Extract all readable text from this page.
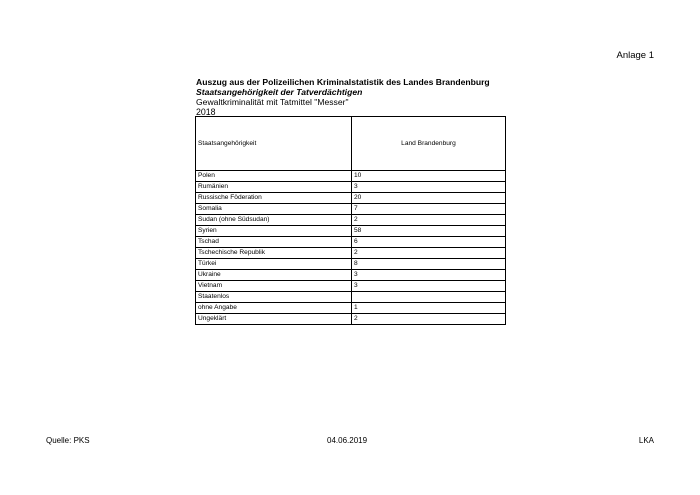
Anlage 1
Auszug aus der Polizeilichen Kriminalstatistik des Landes Brandenburg
Staatsangehörigkeit der Tatverdächtigen
Gewaltkriminalität mit Tatmittel "Messer"
2018
Staatsangehörigkeit	Land Brandenburg
Polen	10
Rumänien	3
Russische Föderation	20
Somalia	7
Sudan (ohne Südsudan)	2
Syrien	58
Tschad	6
Tschechische Republik	2
Türkei	8
Ukraine	3
Vietnam	3
Staatenlos	
ohne Angabe	1
Ungeklärt	2
Quelle: PKS	04.06.2019	LKA
